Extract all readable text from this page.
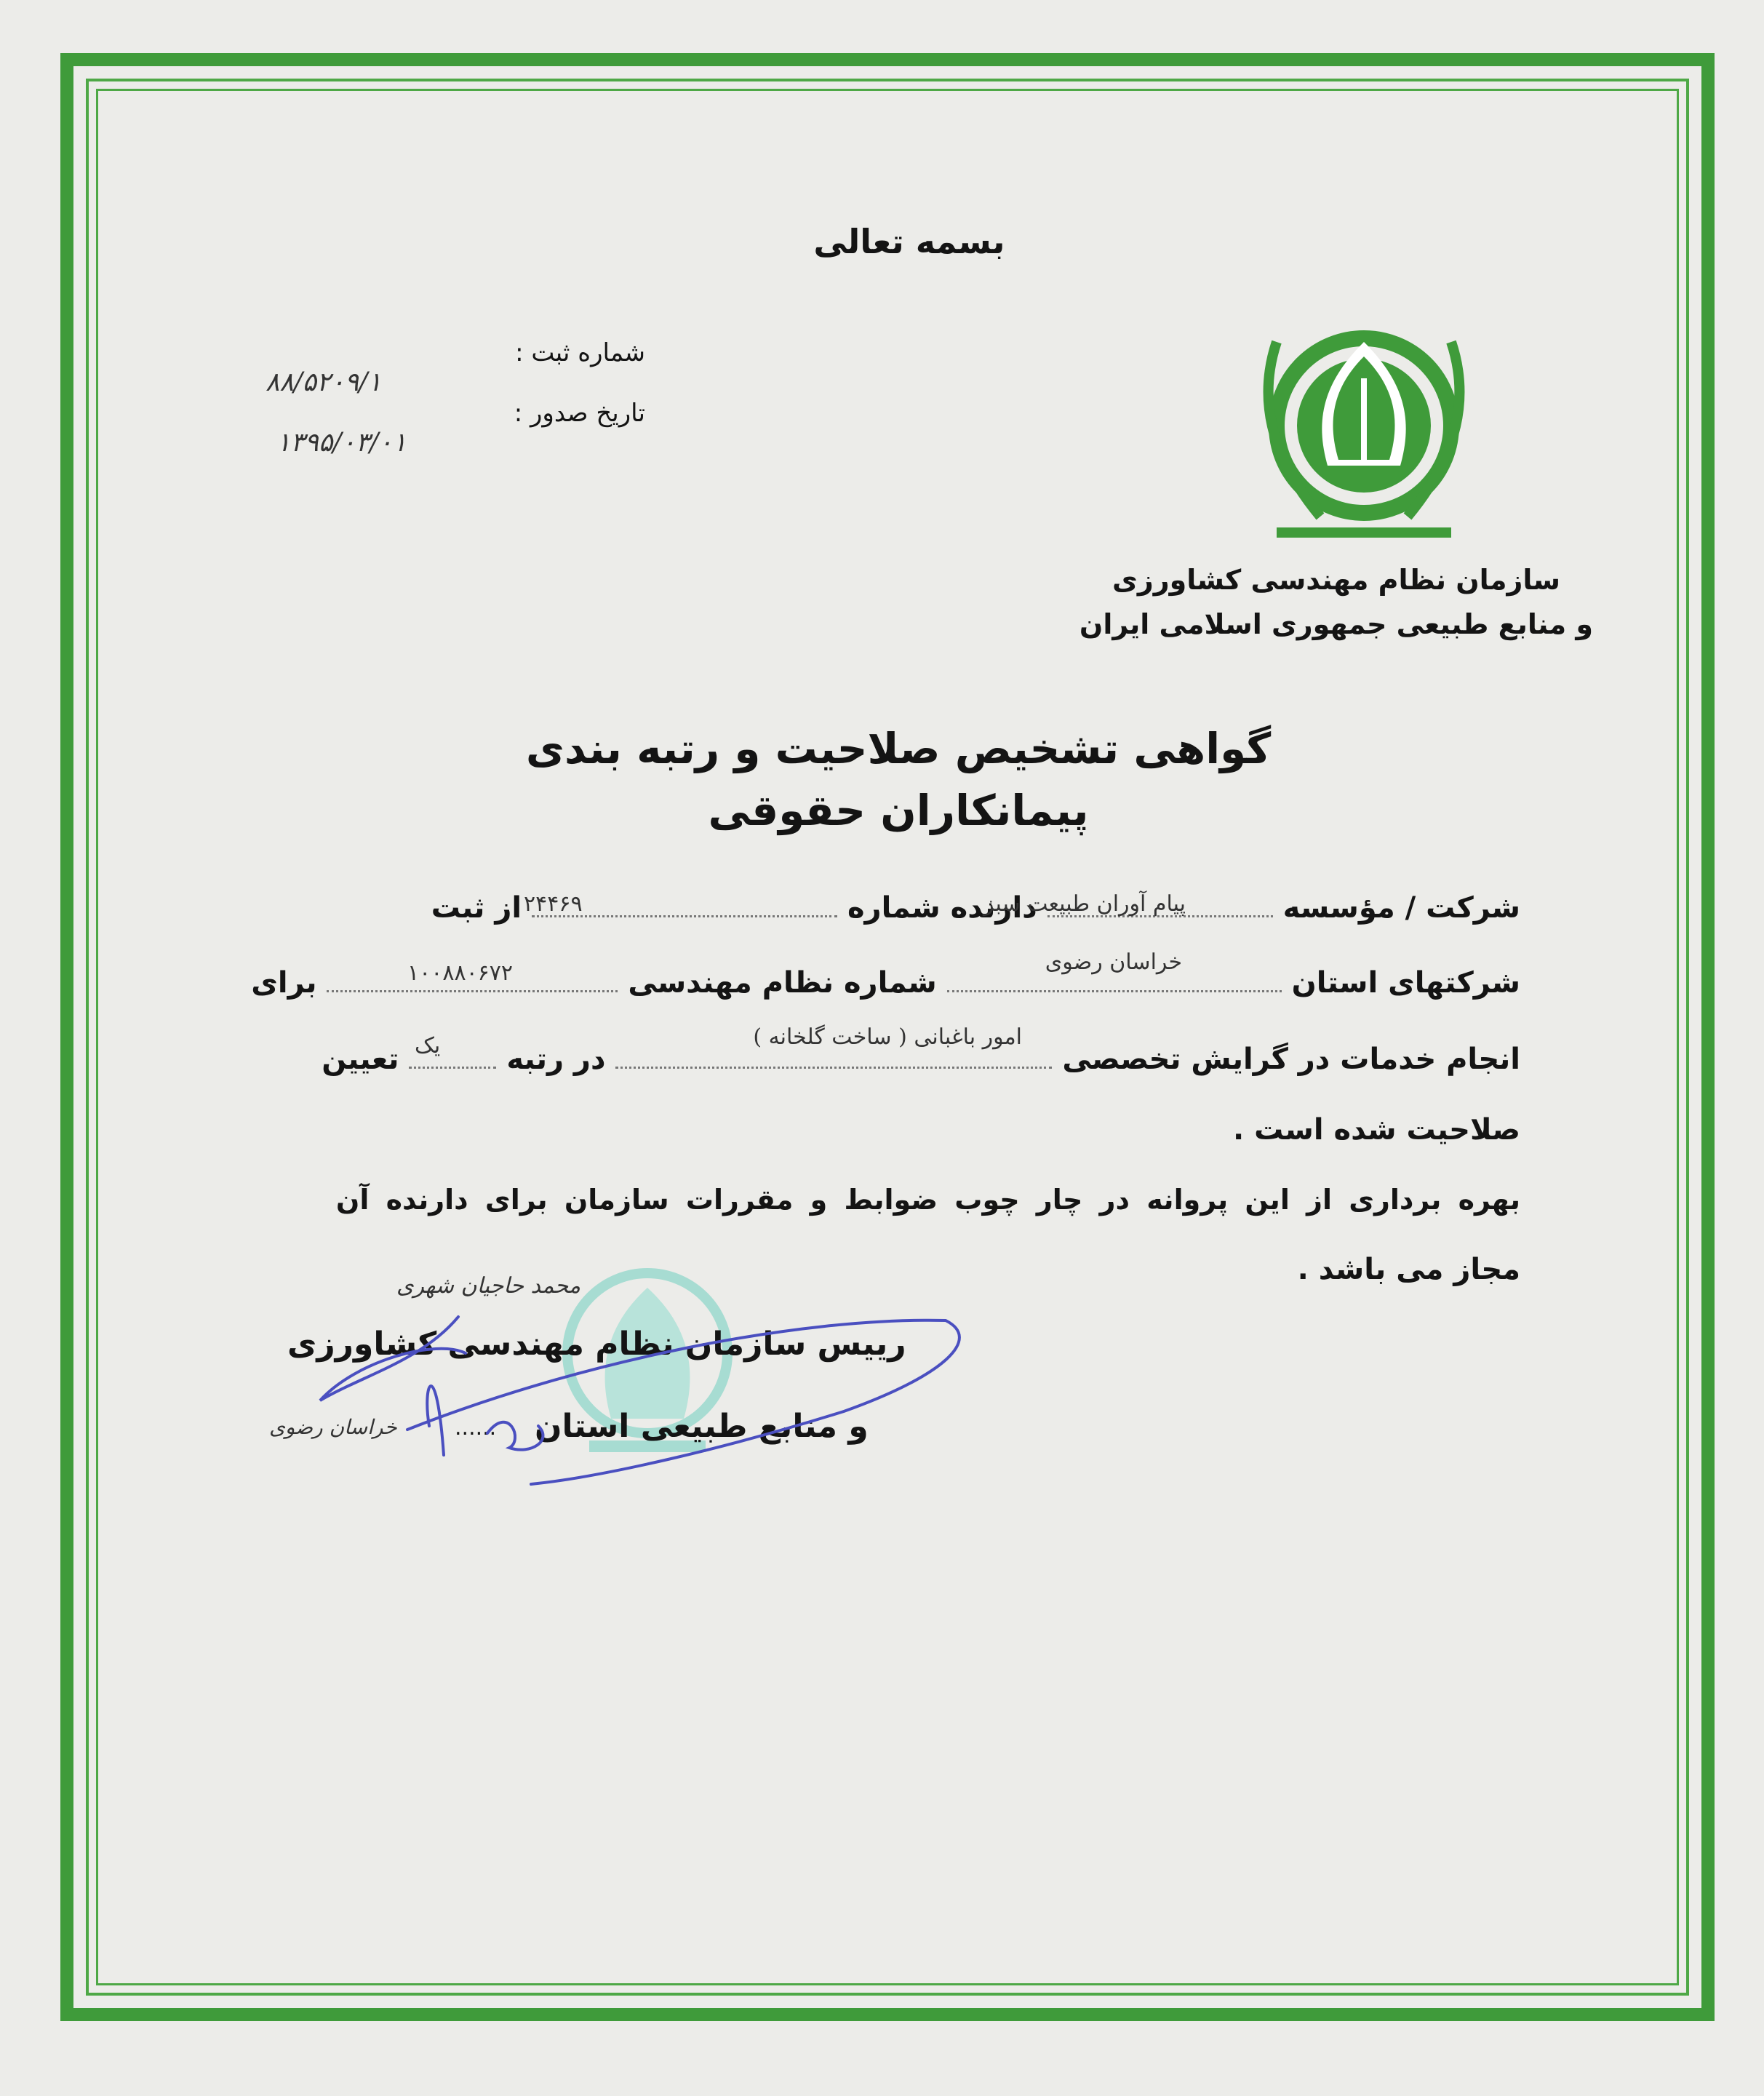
بسمه تعالی
شماره ثبت :
۸۸/۵۲۰۹/۱
تاریخ صدور :
۱۳۹۵/۰۳/۰۱
سازمان نظام مهندسی کشاورزی
و منابع طبیعی جمهوری اسلامی ایران
گواهی تشخیص صلاحیت و رتبه بندی
پیمانکاران حقوقی
شرکت / مؤسسه  دارنده شماره  از ثبت	پیام آوران طبیعت سبز
۲۴۴۶۹
شرکتهای استان  شماره نظام مهندسی  برای
خراسان رضوی
۱۰۰۸۸۰۶۷۲
انجام خدمات در گرایش تخصصی  در رتبه  تعیین
امور باغبانی ( ساخت گلخانه )
یک
صلاحیت شده است .
بهره برداری از این پروانه در چار چوب ضوابط و مقررات سازمان برای دارنده آن
مجاز می باشد .
محمد حاجیان شهری
رییس سازمان نظام مهندسی کشاورزی
و منابع طبیعی استان
......
خراسان رضوی
